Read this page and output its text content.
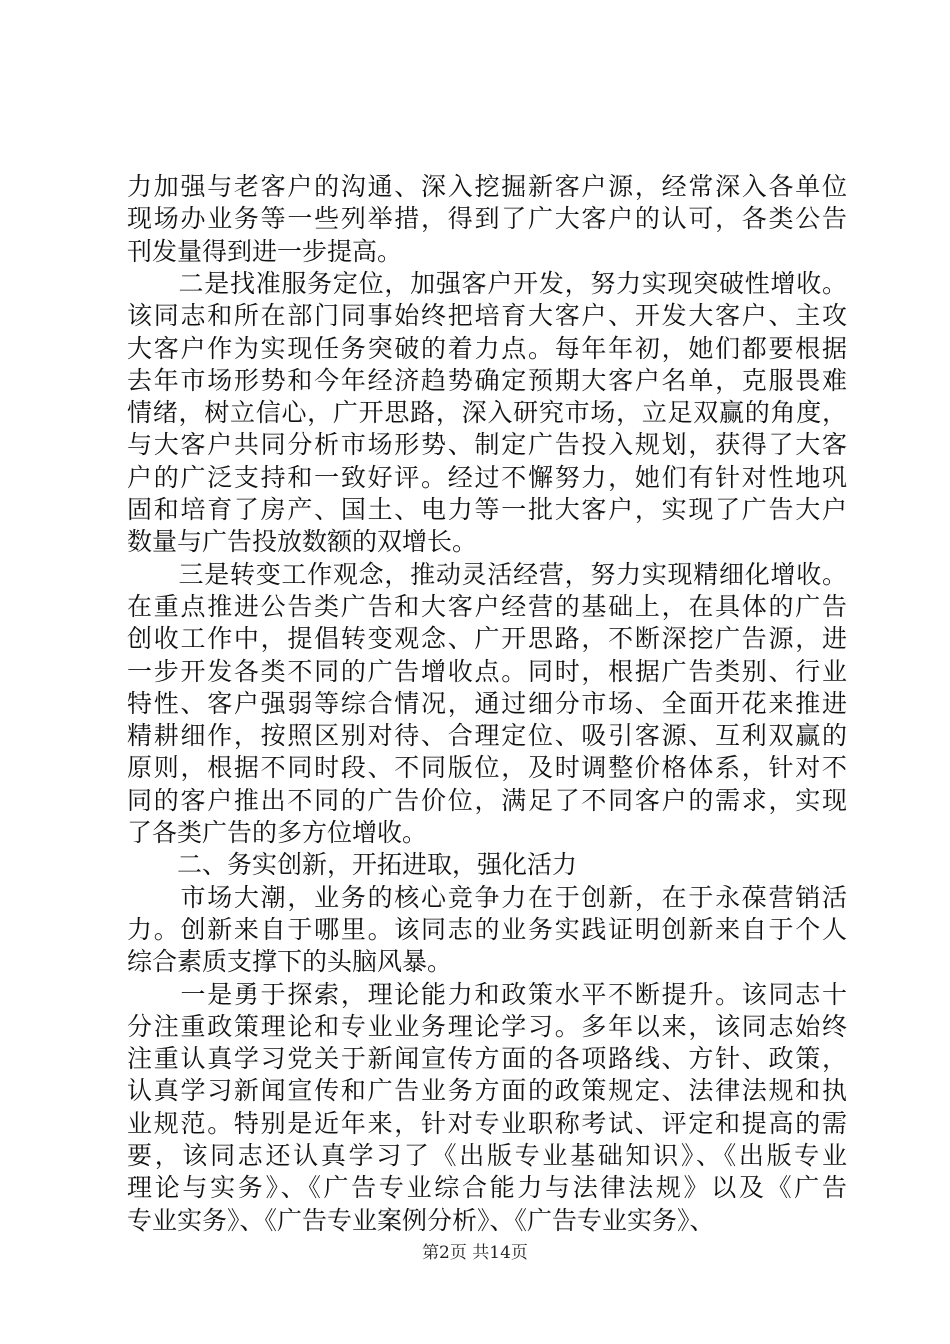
力加强与老客户的沟通、深入挖掘新客户源，经常深入各单位
现场办业务等一些列举措，得到了广大客户的认可，各类公告
刊发量得到进一步提高。
　　二是找准服务定位，加强客户开发，努力实现突破性增收。
该同志和所在部门同事始终把培育大客户、开发大客户、主攻
大客户作为实现任务突破的着力点。每年年初，她们都要根据
去年市场形势和今年经济趋势确定预期大客户名单，克服畏难
情绪，树立信心，广开思路，深入研究市场，立足双赢的角度，
与大客户共同分析市场形势、制定广告投入规划，获得了大客
户的广泛支持和一致好评。经过不懈努力，她们有针对性地巩
固和培育了房产、国土、电力等一批大客户，实现了广告大户
数量与广告投放数额的双增长。
　　三是转变工作观念，推动灵活经营，努力实现精细化增收。
在重点推进公告类广告和大客户经营的基础上，在具体的广告
创收工作中，提倡转变观念、广开思路，不断深挖广告源，进
一步开发各类不同的广告增收点。同时，根据广告类别、行业
特性、客户强弱等综合情况，通过细分市场、全面开花来推进
精耕细作，按照区别对待、合理定位、吸引客源、互利双赢的
原则，根据不同时段、不同版位，及时调整价格体系，针对不
同的客户推出不同的广告价位，满足了不同客户的需求，实现
了各类广告的多方位增收。
　　二、务实创新，开拓进取，强化活力
　　市场大潮，业务的核心竞争力在于创新，在于永葆营销活
力。创新来自于哪里。该同志的业务实践证明创新来自于个人
综合素质支撑下的头脑风暴。
　　一是勇于探索，理论能力和政策水平不断提升。该同志十
分注重政策理论和专业业务理论学习。多年以来，该同志始终
注重认真学习党关于新闻宣传方面的各项路线、方针、政策，
认真学习新闻宣传和广告业务方面的政策规定、法律法规和执
业规范。特别是近年来，针对专业职称考试、评定和提高的需
要，该同志还认真学习了《出版专业基础知识》、《出版专业
理论与实务》、《广告专业综合能力与法律法规》以及《广告
专业实务》、《广告专业案例分析》、《广告专业实务》、
第2页 共14页
